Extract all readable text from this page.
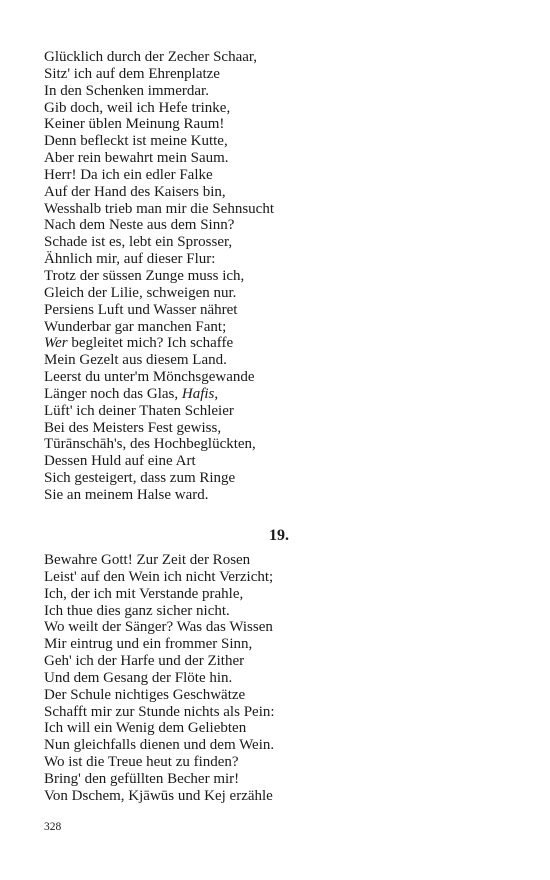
Glücklich durch der Zecher Schaar,
Sitz' ich auf dem Ehrenplatze
In den Schenken immerdar.
Gib doch, weil ich Hefe trinke,
Keiner üblen Meinung Raum!
Denn befleckt ist meine Kutte,
Aber rein bewahrt mein Saum.
Herr! Da ich ein edler Falke
Auf der Hand des Kaisers bin,
Wesshalb trieb man mir die Sehnsucht
Nach dem Neste aus dem Sinn?
Schade ist es, lebt ein Sprosser,
Ähnlich mir, auf dieser Flur:
Trotz der süssen Zunge muss ich,
Gleich der Lilie, schweigen nur.
Persiens Luft und Wasser nähret
Wunderbar gar manchen Fant;
Wer begleitet mich? Ich schaffe
Mein Gezelt aus diesem Land.
Leerst du unter'm Mönchsgewande
Länger noch das Glas, Hafis,
Lüft' ich deiner Thaten Schleier
Bei des Meisters Fest gewiss,
Tūrānschāh's, des Hochbeglückten,
Dessen Huld auf eine Art
Sich gesteigert, dass zum Ringe
Sie an meinem Halse ward.
19.
Bewahre Gott! Zur Zeit der Rosen
Leist' auf den Wein ich nicht Verzicht;
Ich, der ich mit Verstande prahle,
Ich thue dies ganz sicher nicht.
Wo weilt der Sänger? Was das Wissen
Mir eintrug und ein frommer Sinn,
Geh' ich der Harfe und der Zither
Und dem Gesang der Flöte hin.
Der Schule nichtiges Geschwätze
Schafft mir zur Stunde nichts als Pein:
Ich will ein Wenig dem Geliebten
Nun gleichfalls dienen und dem Wein.
Wo ist die Treue heut zu finden?
Bring' den gefüllten Becher mir!
Von Dschem, Kjāwūs und Kej erzähle
328
